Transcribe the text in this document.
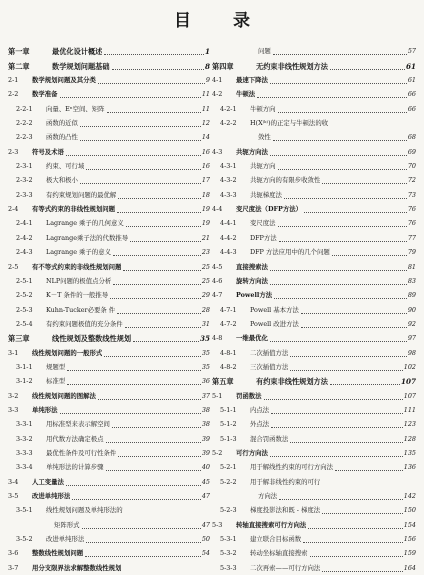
目 录
第一章	最优化设计概述	1
第二章	数学规划问题基础	8
2-1	数学规划问题及其分类	9
2-2	数学准备	11
2-2-1	向量、Eⁿ空间、矩阵	11
2-2-2	函数的近似	12
2-2-3	函数的凸性	14
2-3	符号及术语	16
2-3-1	约束、可行域	16
2-3-2	极大和极小	17
2-3-3	有约束规划问题的最优解	18
2-4	有等式约束的非线性规划问题	19
2-4-1	Lagrange 乘子的几何意义	19
2-4-2	Lagrange乘子法的代数推导	21
2-4-3	Lagrange 乘子的意义	23
2-5	有不等式约束的非线性规划问题	25
2-5-1	NLP问题的极值点分析	25
2-5-2	K－T 条件的一般推导	29
2-5-3	Kuhn-Tucker必要条 件	28
2-5-4	有约束问题极值的充分条件	31
第三章	线性规划及整数线性规划	35
3-1	线性规划问题的一般形式	35
3-1-1	规题型	35
3-1-2	标准型	36
3-2	线性规划问题的图解法	37
3-3	单纯形法	38
3-3-1	用标准型来表示解空间	38
3-3-2	用代数方法确定极点	39
3-3-3	最优性条件及可行性条件	39
3-3-4	单纯形法的计算步骤	40
3-4	人工变量法	45
3-5	改进单纯形法	47
3-5-1	线性规划问题及单纯形法的
矩阵形式	47
3-5-2	改进单纯形法	50
3-6	整数线性规划问题	54
3-7	用分支限界法求解整数线性规划
问题	57
第四章	无约束非线性规划方法	61
4-1	最速下降法	61
4-2	牛顿法	66
4-2-1	牛顿方向	66
4-2-2	H(X⁽ᵏ⁾)的正定与牛顿法的收
敛性	68
4-3	共轭方向法	69
4-3-1	共轭方向	70
4-3-2	共轭方向的有限步收敛性	72
4-3-3	共轭梯度法	73
4-4	变尺度法（DFP方法）	76
4-4-1	变尺度法	76
4-4-2	DFP方法	77
4-4-3	DFP 方法应用中的几个问题	79
4-5	直接搜索法	81
4-6	旋转方向法	83
4-7	Powell方法	89
4-7-1	Powell 基本方法	90
4-7-2	Powell 改进方法	92
4-8	一维最优化	97
4-8-1	二次插值方法	98
4-8-2	三次插值方法	102
第五章	有约束非线性规划方法	107
5-1	罚函数法	107
5-1-1	内点法	111
5-1-2	外点法	123
5-1-3	混合罚函数法	128
5-2	可行方向法	135
5-2-1	用于解线性约束的可行方向法	136
5-2-2	用于解非线性约束的可行
方向法	142
5-2-3	梯度投影法和既 - 梯度法	150
5-3	转轴直接搜索可行方向法	154
5-3-1	建立联合目标函数	156
5-3-2	转动坐标轴直接搜索	159
5-3-3	二次再索——可行方向法	164
